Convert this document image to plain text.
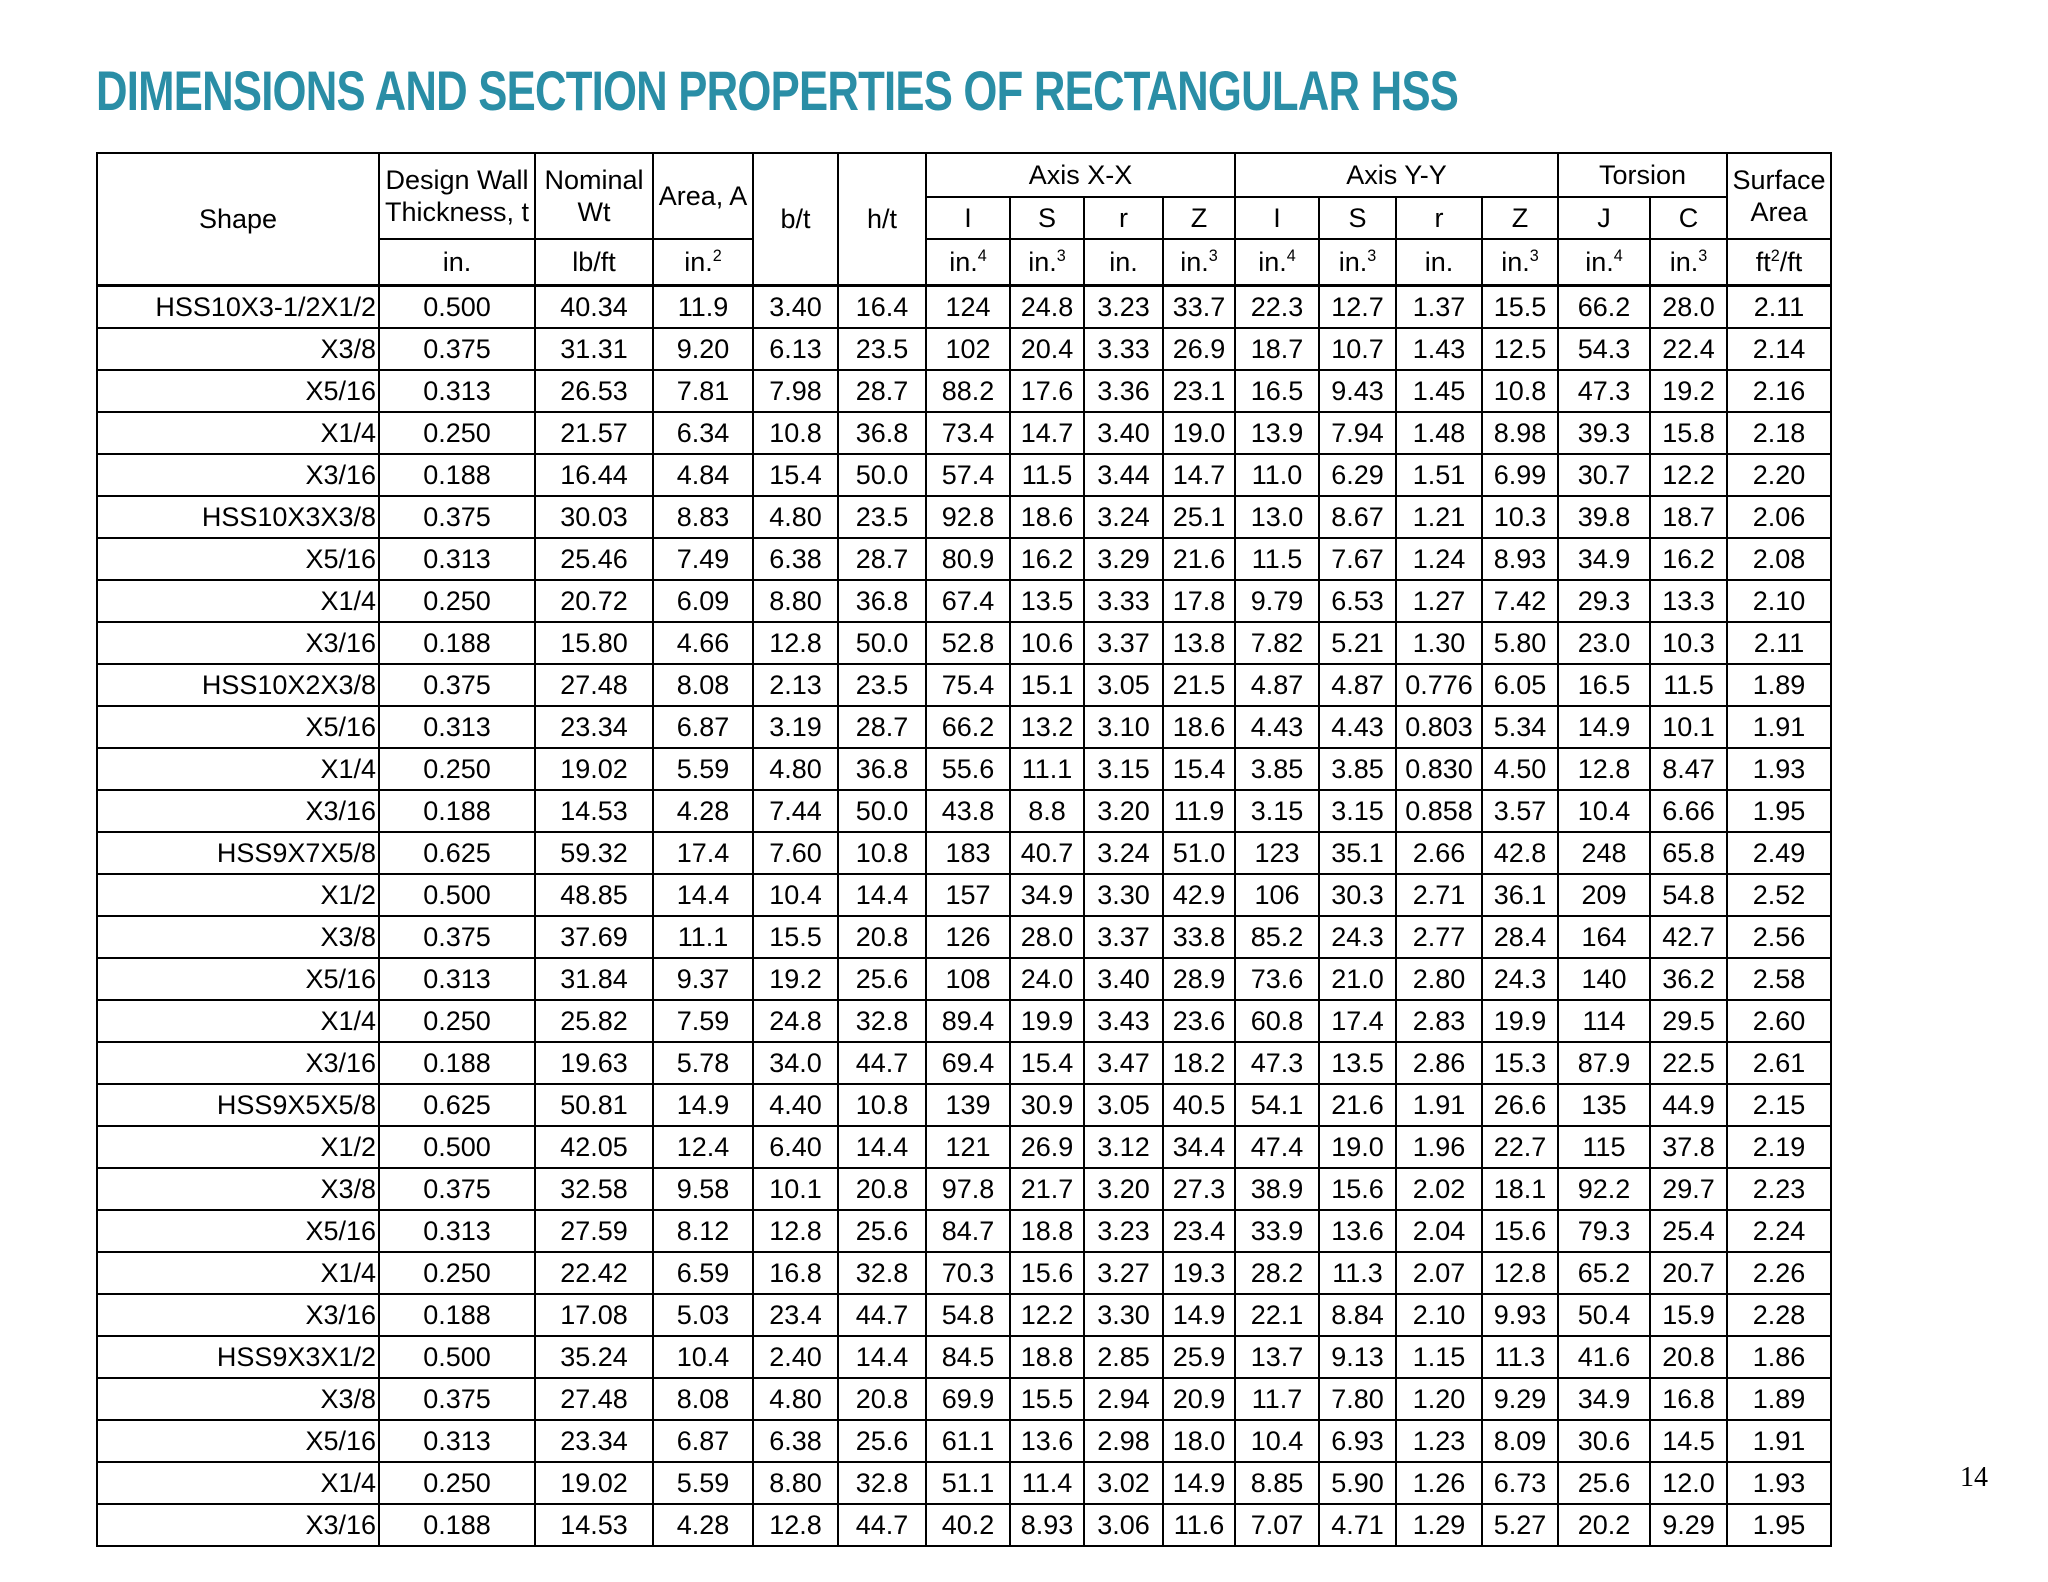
DIMENSIONS AND SECTION PROPERTIES OF RECTANGULAR HSS
Shape	Design Wall Thickness, t	Nominal Wt	Area, A	b/t	h/t	Axis X-X				Axis Y-Y				Torsion		Surface Area
						I	S	r	Z	I	S	r	Z	J	C	
	in.	lb/ft	in.$^2$			in.$^4$	in.$^3$	in.	in.$^3$	in.$^4$	in.$^3$	in.	in.$^3$	in.$^4$	in.$^3$	$ft^2/ft$
HSS10X3-1/2X1/2	0.500	40.34	11.9	3.40	16.4	124	24.8	3.23	33.7	22.3	12.7	1.37	15.5	66.2	28.0	2.11
X3/8	0.375	31.31	9.20	6.13	23.5	102	20.4	3.33	26.9	18.7	10.7	1.43	12.5	54.3	22.4	2.14
X5/16	0.313	26.53	7.81	7.98	28.7	88.2	17.6	3.36	23.1	16.5	9.43	1.45	10.8	47.3	19.2	2.16
X1/4	0.250	21.57	6.34	10.8	36.8	73.4	14.7	3.40	19.0	13.9	7.94	1.48	8.98	39.3	15.8	2.18
X3/16	0.188	16.44	4.84	15.4	50.0	57.4	11.5	3.44	14.7	11.0	6.29	1.51	6.99	30.7	12.2	2.20
HSS10X3X3/8	0.375	30.03	8.83	4.80	23.5	92.8	18.6	3.24	25.1	13.0	8.67	1.21	10.3	39.8	18.7	2.06
X5/16	0.313	25.46	7.49	6.38	28.7	80.9	16.2	3.29	21.6	11.5	7.67	1.24	8.93	34.9	16.2	2.08
X1/4	0.250	20.72	6.09	8.80	36.8	67.4	13.5	3.33	17.8	9.79	6.53	1.27	7.42	29.3	13.3	2.10
X3/16	0.188	15.80	4.66	12.8	50.0	52.8	10.6	3.37	13.8	7.82	5.21	1.30	5.80	23.0	10.3	2.11
HSS10X2X3/8	0.375	27.48	8.08	2.13	23.5	75.4	15.1	3.05	21.5	4.87	4.87	0.776	6.05	16.5	11.5	1.89
X5/16	0.313	23.34	6.87	3.19	28.7	66.2	13.2	3.10	18.6	4.43	4.43	0.803	5.34	14.9	10.1	1.91
X1/4	0.250	19.02	5.59	4.80	36.8	55.6	11.1	3.15	15.4	3.85	3.85	0.830	4.50	12.8	8.47	1.93
X3/16	0.188	14.53	4.28	7.44	50.0	43.8	8.8	3.20	11.9	3.15	3.15	0.858	3.57	10.4	6.66	1.95
HSS9X7X5/8	0.625	59.32	17.4	7.60	10.8	183	40.7	3.24	51.0	123	35.1	2.66	42.8	248	65.8	2.49
X1/2	0.500	48.85	14.4	10.4	14.4	157	34.9	3.30	42.9	106	30.3	2.71	36.1	209	54.8	2.52
X3/8	0.375	37.69	11.1	15.5	20.8	126	28.0	3.37	33.8	85.2	24.3	2.77	28.4	164	42.7	2.56
X5/16	0.313	31.84	9.37	19.2	25.6	108	24.0	3.40	28.9	73.6	21.0	2.80	24.3	140	36.2	2.58
X1/4	0.250	25.82	7.59	24.8	32.8	89.4	19.9	3.43	23.6	60.8	17.4	2.83	19.9	114	29.5	2.60
X3/16	0.188	19.63	5.78	34.0	44.7	69.4	15.4	3.47	18.2	47.3	13.5	2.86	15.3	87.9	22.5	2.61
HSS9X5X5/8	0.625	50.81	14.9	4.40	10.8	139	30.9	3.05	40.5	54.1	21.6	1.91	26.6	135	44.9	2.15
X1/2	0.500	42.05	12.4	6.40	14.4	121	26.9	3.12	34.4	47.4	19.0	1.96	22.7	115	37.8	2.19
X3/8	0.375	32.58	9.58	10.1	20.8	97.8	21.7	3.20	27.3	38.9	15.6	2.02	18.1	92.2	29.7	2.23
X5/16	0.313	27.59	8.12	12.8	25.6	84.7	18.8	3.23	23.4	33.9	13.6	2.04	15.6	79.3	25.4	2.24
X1/4	0.250	22.42	6.59	16.8	32.8	70.3	15.6	3.27	19.3	28.2	11.3	2.07	12.8	65.2	20.7	2.26
X3/16	0.188	17.08	5.03	23.4	44.7	54.8	12.2	3.30	14.9	22.1	8.84	2.10	9.93	50.4	15.9	2.28
HSS9X3X1/2	0.500	35.24	10.4	2.40	14.4	84.5	18.8	2.85	25.9	13.7	9.13	1.15	11.3	41.6	20.8	1.86
X3/8	0.375	27.48	8.08	4.80	20.8	69.9	15.5	2.94	20.9	11.7	7.80	1.20	9.29	34.9	16.8	1.89
X5/16	0.313	23.34	6.87	6.38	25.6	61.1	13.6	2.98	18.0	10.4	6.93	1.23	8.09	30.6	14.5	1.91
X1/4	0.250	19.02	5.59	8.80	32.8	51.1	11.4	3.02	14.9	8.85	5.90	1.26	6.73	25.6	12.0	1.93
X3/16	0.188	14.53	4.28	12.8	44.7	40.2	8.93	3.06	11.6	7.07	4.71	1.29	5.27	20.2	9.29	1.95
14
